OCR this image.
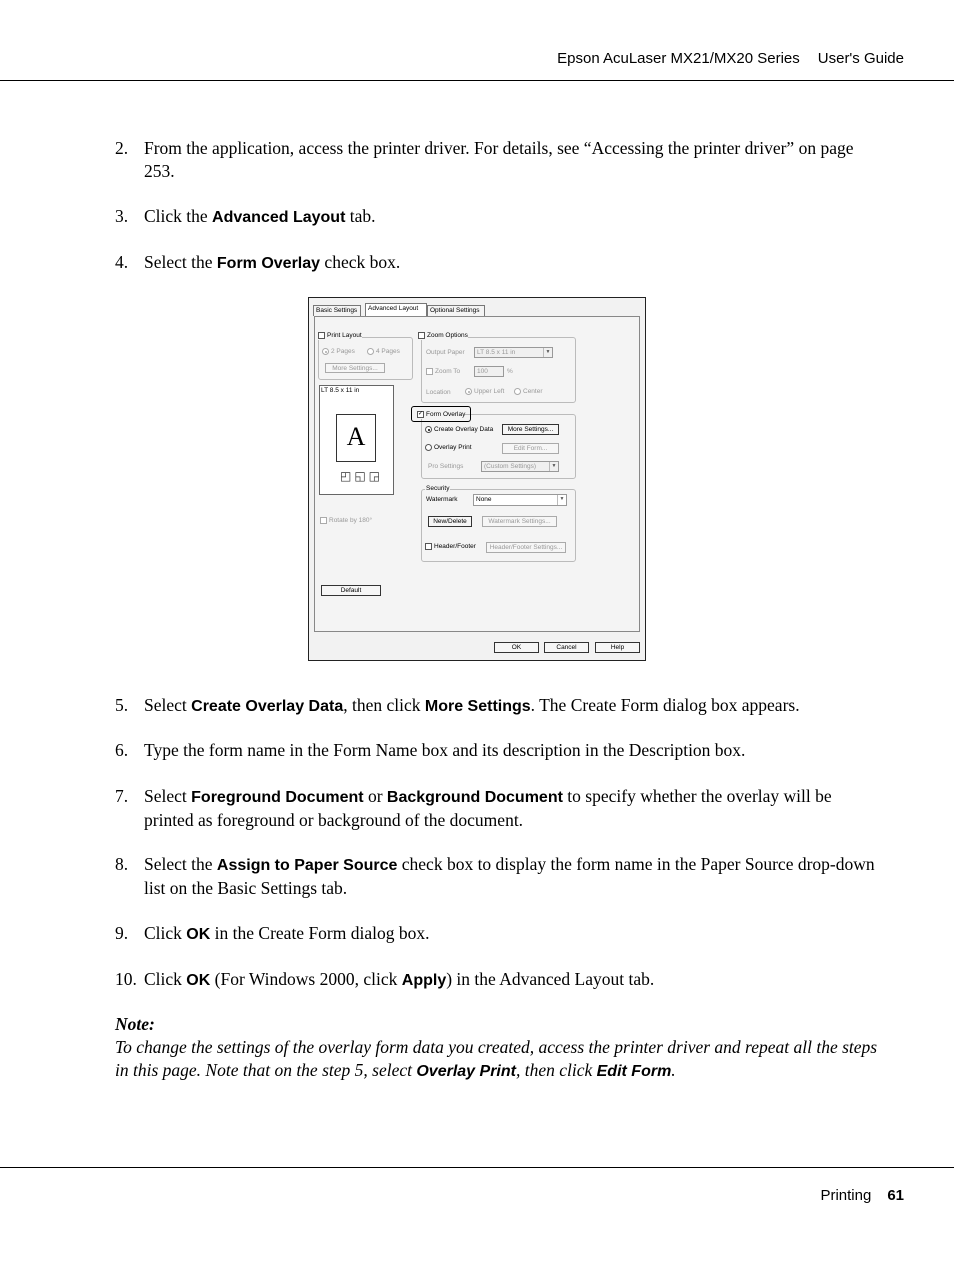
Epson AcuLaser MX21/MX20 Series User's Guide
2. From the application, access the printer driver. For details, see “Accessing the printer driver” on page 253.
3. Click the Advanced Layout tab.
4. Select the Form Overlay check box.
Basic Settings	Advanced Layout	Optional Settings
Print Layout
2 Pages	4 Pages
More Settings...
LT 8.5 x 11 in
A
◰◱◲
Rotate by 180°
Default
Zoom Options
Output Paper	LT 8.5 x 11 in	▼
Zoom To	100	%
Location	Upper Left	Center
✓ Form Overlay
Create Overlay Data	More Settings...
Overlay Print	Edit Form...
Pro Settings	(Custom Settings)	▼
Security
Watermark	None	▼
New/Delete	Watermark Settings...
Header/Footer	Header/Footer Settings...
OK	Cancel	Help
5. Select Create Overlay Data, then click More Settings. The Create Form dialog box appears.
6. Type the form name in the Form Name box and its description in the Description box.
7. Select Foreground Document or Background Document to specify whether the overlay will be printed as foreground or background of the document.
8. Select the Assign to Paper Source check box to display the form name in the Paper Source drop-down list on the Basic Settings tab.
9. Click OK in the Create Form dialog box.
10. Click OK (For Windows 2000, click Apply) in the Advanced Layout tab.
Note:
To change the settings of the overlay form data you created, access the printer driver and repeat all the steps in this page. Note that on the step 5, select Overlay Print, then click Edit Form.
Printing 61
